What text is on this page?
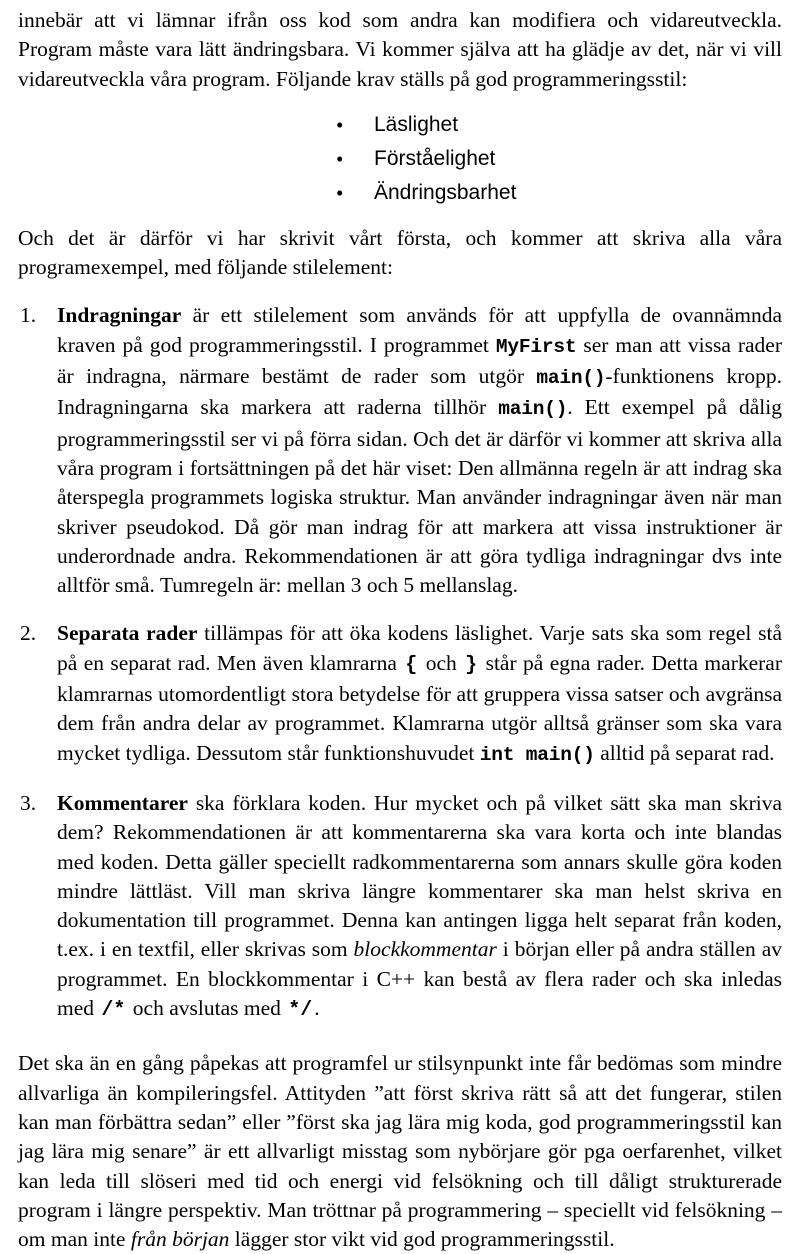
innebär att vi lämnar ifrån oss kod som andra kan modifiera och vidareutveckla. Program måste vara lätt ändringsbara. Vi kommer själva att ha glädje av det, när vi vill vidareutveckla våra program. Följande krav ställs på god programmeringsstil:

• Läslighet
• Förståelighet
• Ändringsbarhet

Och det är därför vi har skrivit vårt första, och kommer att skriva alla våra programexempel, med följande stilelement:

1. Indragningar är ett stilelement som används för att uppfylla de ovannämnda kraven på god programmeringsstil. I programmet MyFirst ser man att vissa rader är indragna, närmare bestämt de rader som utgör main()-funktionens kropp. Indragningarna ska markera att raderna tillhör main(). Ett exempel på dålig programmeringsstil ser vi på förra sidan. Och det är därför vi kommer att skriva alla våra program i fortsättningen på det här viset: Den allmänna regeln är att indrag ska återspegla programmets logiska struktur. Man använder indragningar även när man skriver pseudokod. Då gör man indrag för att markera att vissa instruktioner är underordnade andra. Rekommendationen är att göra tydliga indragningar dvs inte alltför små. Tumregeln är: mellan 3 och 5 mellanslag.
2. Separata rader tillämpas för att öka kodens läslighet. Varje sats ska som regel stå på en separat rad. Men även klamrarna { och } står på egna rader. Detta markerar klamrarnas utomordentligt stora betydelse för att gruppera vissa satser och avgränsa dem från andra delar av programmet. Klamrarna utgör alltså gränser som ska vara mycket tydliga. Dessutom står funktionshuvudet int main() alltid på separat rad.
3. Kommentarer ska förklara koden. Hur mycket och på vilket sätt ska man skriva dem? Rekommendationen är att kommentarerna ska vara korta och inte blandas med koden. Detta gäller speciellt radkommentarerna som annars skulle göra koden mindre lättläst. Vill man skriva längre kommentarer ska man helst skriva en dokumentation till programmet. Denna kan antingen ligga helt separat från koden, t.ex. i en textfil, eller skrivas som blockkommentar i början eller på andra ställen av programmet. En blockkommentar i C++ kan bestå av flera rader och ska inledas med /* och avslutas med */.

Det ska än en gång påpekas att programfel ur stilsynpunkt inte får bedömas som mindre allvarliga än kompileringsfel. Attityden ”att först skriva rätt så att det fungerar, stilen kan man förbättra sedan” eller ”först ska jag lära mig koda, god programmeringsstil kan jag lära mig senare” är ett allvarligt misstag som nybörjare gör pga oerfarenhet, vilket kan leda till slöseri med tid och energi vid felsökning och till dåligt strukturerade program i längre perspektiv. Man tröttnar på programmering – speciellt vid felsökning – om man inte från början lägger stor vikt vid god programmeringsstil.
